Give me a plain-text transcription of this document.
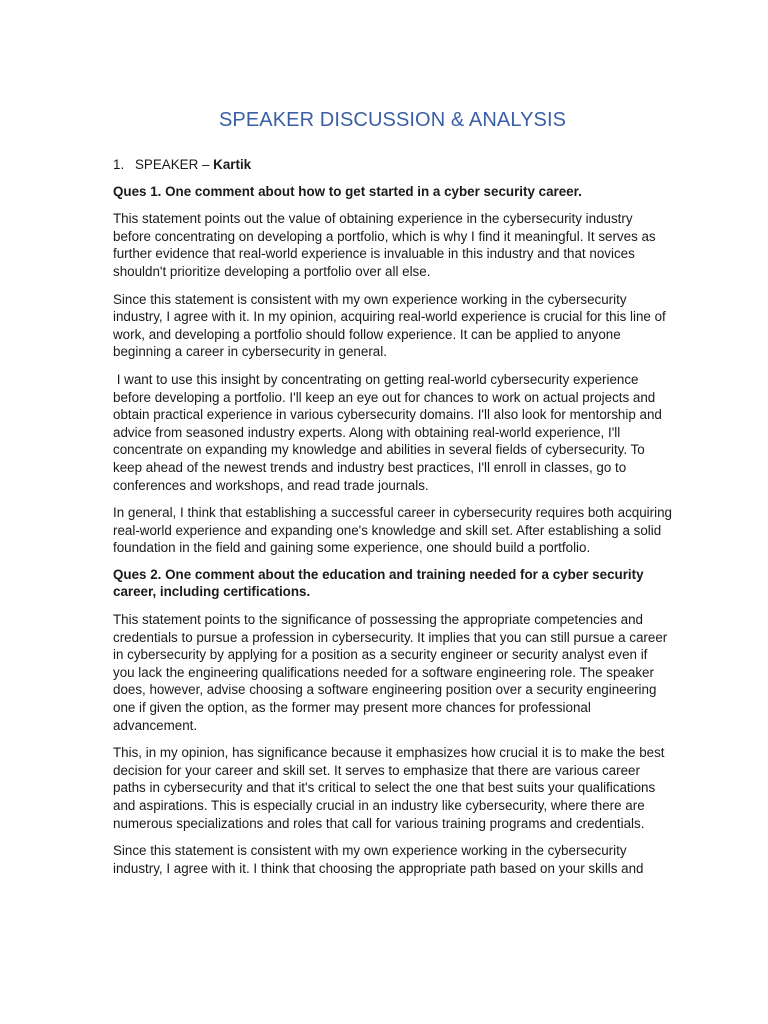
SPEAKER DISCUSSION & ANALYSIS

1. SPEAKER – Kartik

Ques 1. One comment about how to get started in a cyber security career.

This statement points out the value of obtaining experience in the cybersecurity industry before concentrating on developing a portfolio, which is why I find it meaningful. It serves as further evidence that real-world experience is invaluable in this industry and that novices shouldn't prioritize developing a portfolio over all else.

Since this statement is consistent with my own experience working in the cybersecurity industry, I agree with it. In my opinion, acquiring real-world experience is crucial for this line of work, and developing a portfolio should follow experience. It can be applied to anyone beginning a career in cybersecurity in general.

I want to use this insight by concentrating on getting real-world cybersecurity experience before developing a portfolio. I'll keep an eye out for chances to work on actual projects and obtain practical experience in various cybersecurity domains. I'll also look for mentorship and advice from seasoned industry experts. Along with obtaining real-world experience, I'll concentrate on expanding my knowledge and abilities in several fields of cybersecurity. To keep ahead of the newest trends and industry best practices, I'll enroll in classes, go to conferences and workshops, and read trade journals.

In general, I think that establishing a successful career in cybersecurity requires both acquiring real-world experience and expanding one's knowledge and skill set. After establishing a solid foundation in the field and gaining some experience, one should build a portfolio.

Ques 2. One comment about the education and training needed for a cyber security career, including certifications.

This statement points to the significance of possessing the appropriate competencies and credentials to pursue a profession in cybersecurity. It implies that you can still pursue a career in cybersecurity by applying for a position as a security engineer or security analyst even if you lack the engineering qualifications needed for a software engineering role. The speaker does, however, advise choosing a software engineering position over a security engineering one if given the option, as the former may present more chances for professional advancement.

This, in my opinion, has significance because it emphasizes how crucial it is to make the best decision for your career and skill set. It serves to emphasize that there are various career paths in cybersecurity and that it's critical to select the one that best suits your qualifications and aspirations. This is especially crucial in an industry like cybersecurity, where there are numerous specializations and roles that call for various training programs and credentials.

Since this statement is consistent with my own experience working in the cybersecurity industry, I agree with it. I think that choosing the appropriate path based on your skills and
